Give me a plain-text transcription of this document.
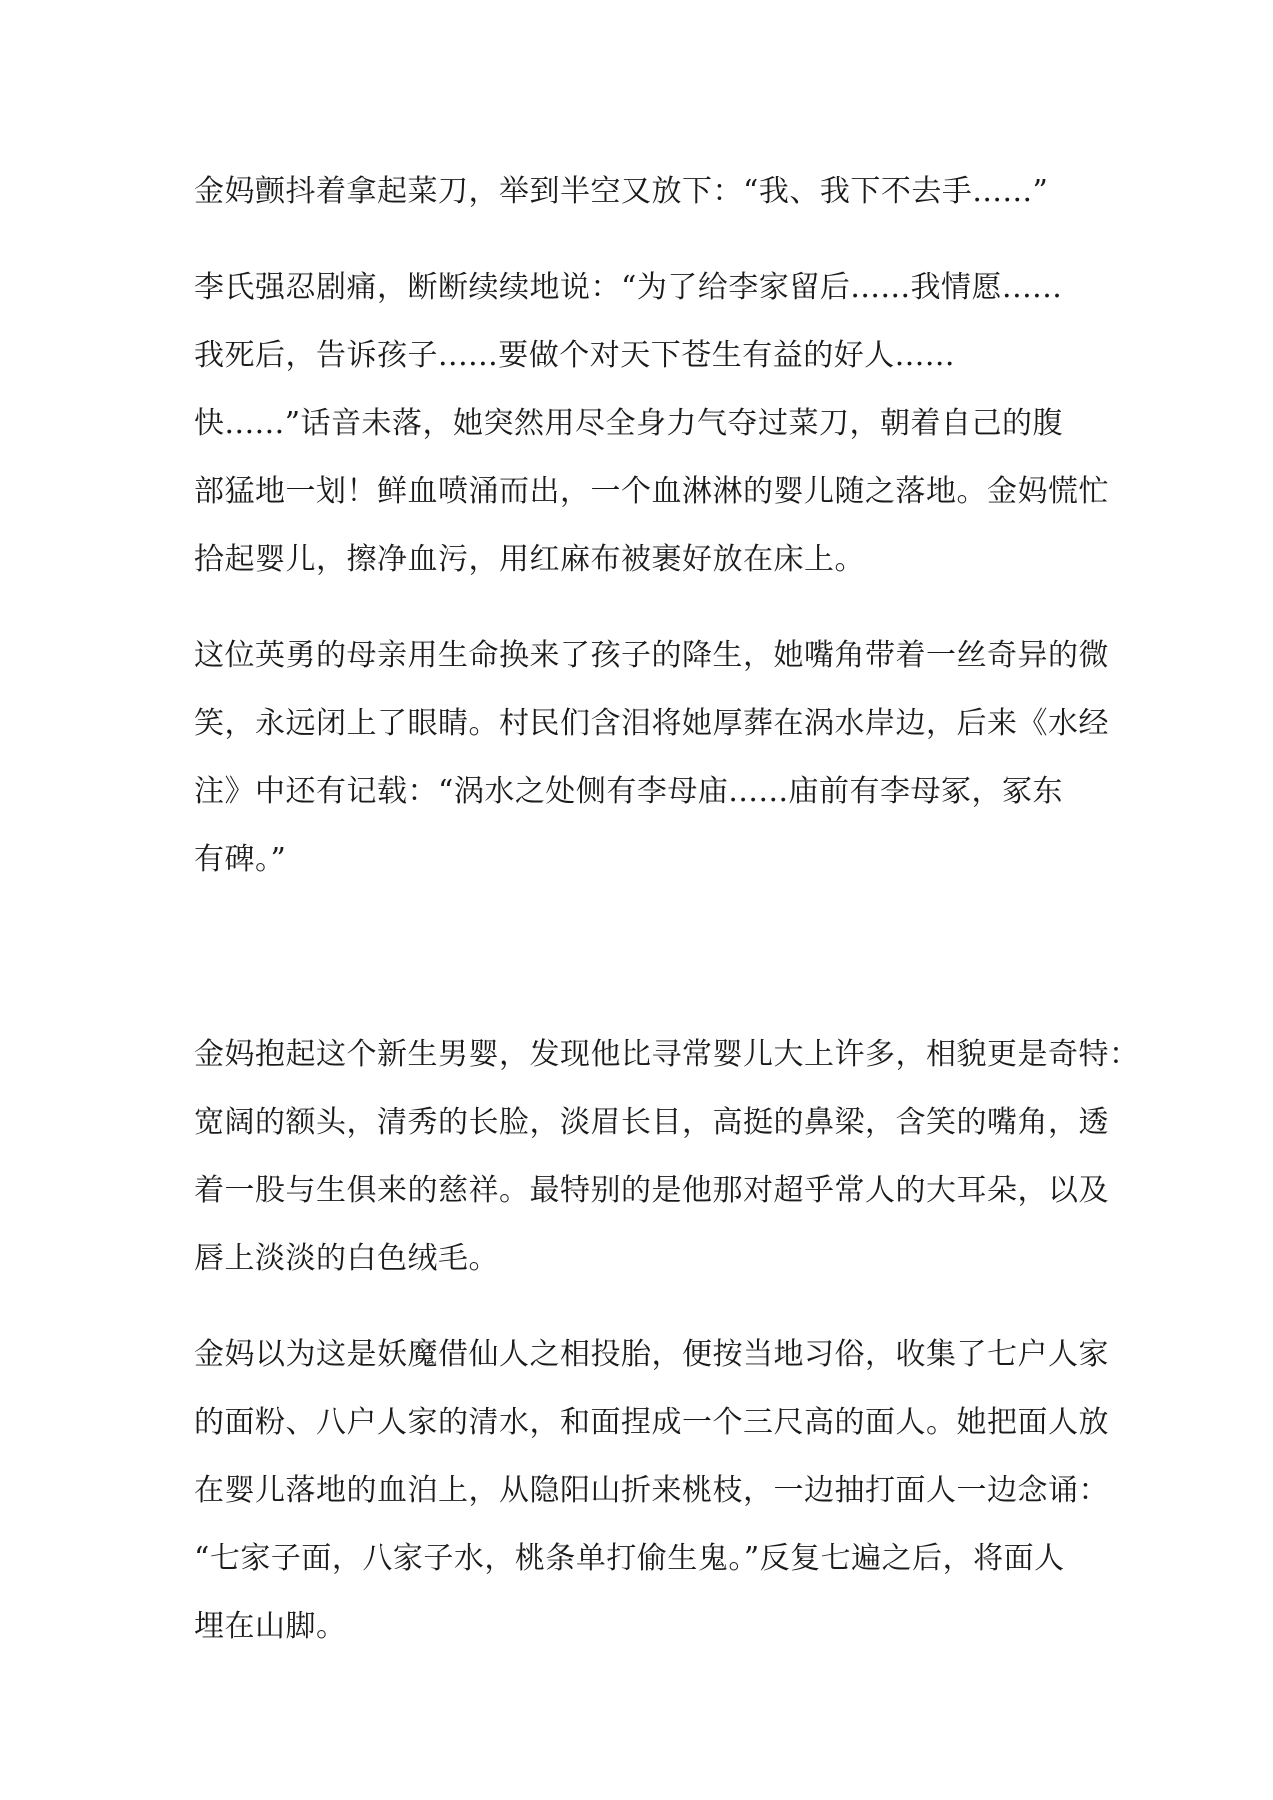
金妈颤抖着拿起菜刀，举到半空又放下：“我、我下不去手......”

李氏强忍剧痛，断断续续地说：“为了给李家留后......我情愿......

我死后，告诉孩子......要做个对天下苍生有益的好人......

快......”话音未落，她突然用尽全身力气夺过菜刀，朝着自己的腹

部猛地一划！鲜血喷涌而出，一个血淋淋的婴儿随之落地。金妈慌忙

拾起婴儿，擦净血污，用红麻布被裹好放在床上。

这位英勇的母亲用生命换来了孩子的降生，她嘴角带着一丝奇异的微

笑，永远闭上了眼睛。村民们含泪将她厚葬在涡水岸边，后来《水经

注》中还有记载：“涡水之处侧有李母庙......庙前有李母冢，冢东

有碑。”

金妈抱起这个新生男婴，发现他比寻常婴儿大上许多，相貌更是奇特：

宽阔的额头，清秀的长脸，淡眉长目，高挺的鼻梁，含笑的嘴角，透

着一股与生俱来的慈祥。最特别的是他那对超乎常人的大耳朵，以及

唇上淡淡的白色绒毛。

金妈以为这是妖魔借仙人之相投胎，便按当地习俗，收集了七户人家

的面粉、八户人家的清水，和面捏成一个三尺高的面人。她把面人放

在婴儿落地的血泊上，从隐阳山折来桃枝，一边抽打面人一边念诵：

“七家子面，八家子水，桃条单打偷生鬼。”反复七遍之后，将面人

埋在山脚。
